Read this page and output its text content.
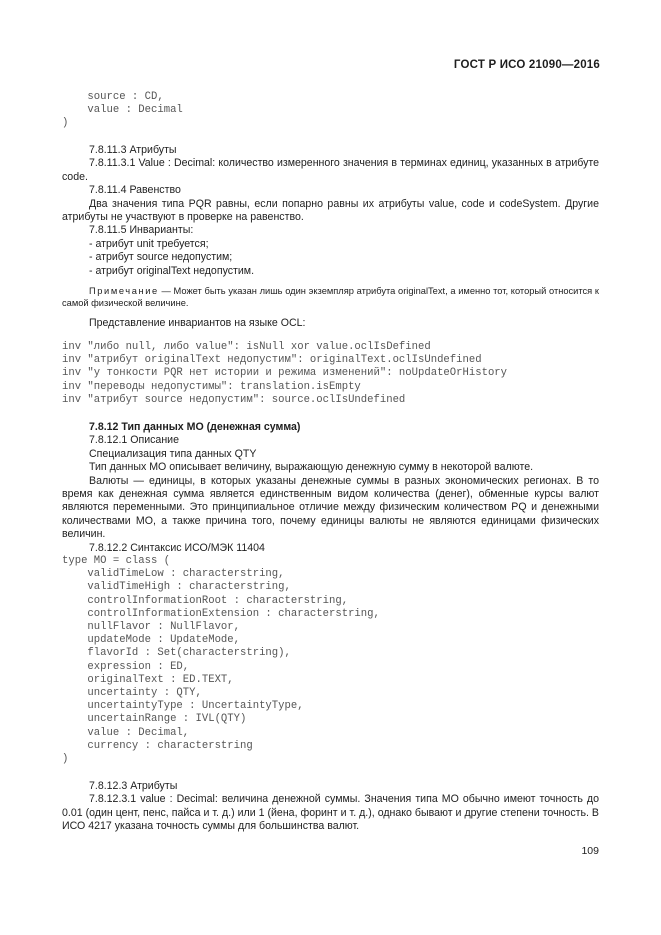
ГОСТ Р ИСО 21090—2016
source : CD,
value : Decimal
)

7.8.11.3 Атрибуты

7.8.11.3.1 Value : Decimal: количество измеренного значения в терминах единиц, указанных в атрибуте code.

7.8.11.4 Равенство

Два значения типа PQR равны, если попарно равны их атрибуты value, code и codeSystem. Другие атрибуты не участвуют в проверке на равенство.

7.8.11.5 Инварианты:

- атрибут unit требуется;

- атрибут source недопустим;

- атрибут originalText недопустим.

Примечание — Может быть указан лишь один экземпляр атрибута originalText, а именно тот, который относится к самой физической величине.

Представление инвариантов на языке OCL:

inv "либо null, либо value": isNull xor value.oclIsDefined
inv "атрибут originalText недопустим": originalText.oclIsUndefined
inv "у тонкости PQR нет истории и режима изменений": noUpdateOrHistory
inv "переводы недопустимы": translation.isEmpty
inv "атрибут source недопустим": source.oclIsUndefined

7.8.12 Тип данных МО (денежная сумма)

7.8.12.1 Описание

Специализация типа данных QTY

Тип данных МО описывает величину, выражающую денежную сумму в некоторой валюте.

Валюты — единицы, в которых указаны денежные суммы в разных экономических регионах. В то время как денежная сумма является единственным видом количества (денег), обменные курсы валют являются переменными. Это принципиальное отличие между физическим количеством PQ и денежными количествами МО, а также причина того, почему единицы валюты не являются единицами физических величин.

7.8.12.2 Синтаксис ИСО/МЭК 11404

type MO = class (
validTimeLow : characterstring,
validTimeHigh : characterstring,
controlInformationRoot : characterstring,
controlInformationExtension : characterstring,
nullFlavor : NullFlavor,
updateMode : UpdateMode,
flavorId : Set(characterstring),
expression : ED,
originalText : ED.TEXT,
uncertainty : QTY,
uncertaintyType : UncertaintyType,
uncertainRange : IVL(QTY)
value : Decimal,
currency : characterstring
)

7.8.12.3 Атрибуты

7.8.12.3.1 value : Decimal: величина денежной суммы. Значения типа МО обычно имеют точность до 0.01 (один цент, пенс, пайса и т. д.) или 1 (йена, форинт и т. д.), однако бывают и другие степени точность. В ИСО 4217 указана точность суммы для большинства валют.

109
